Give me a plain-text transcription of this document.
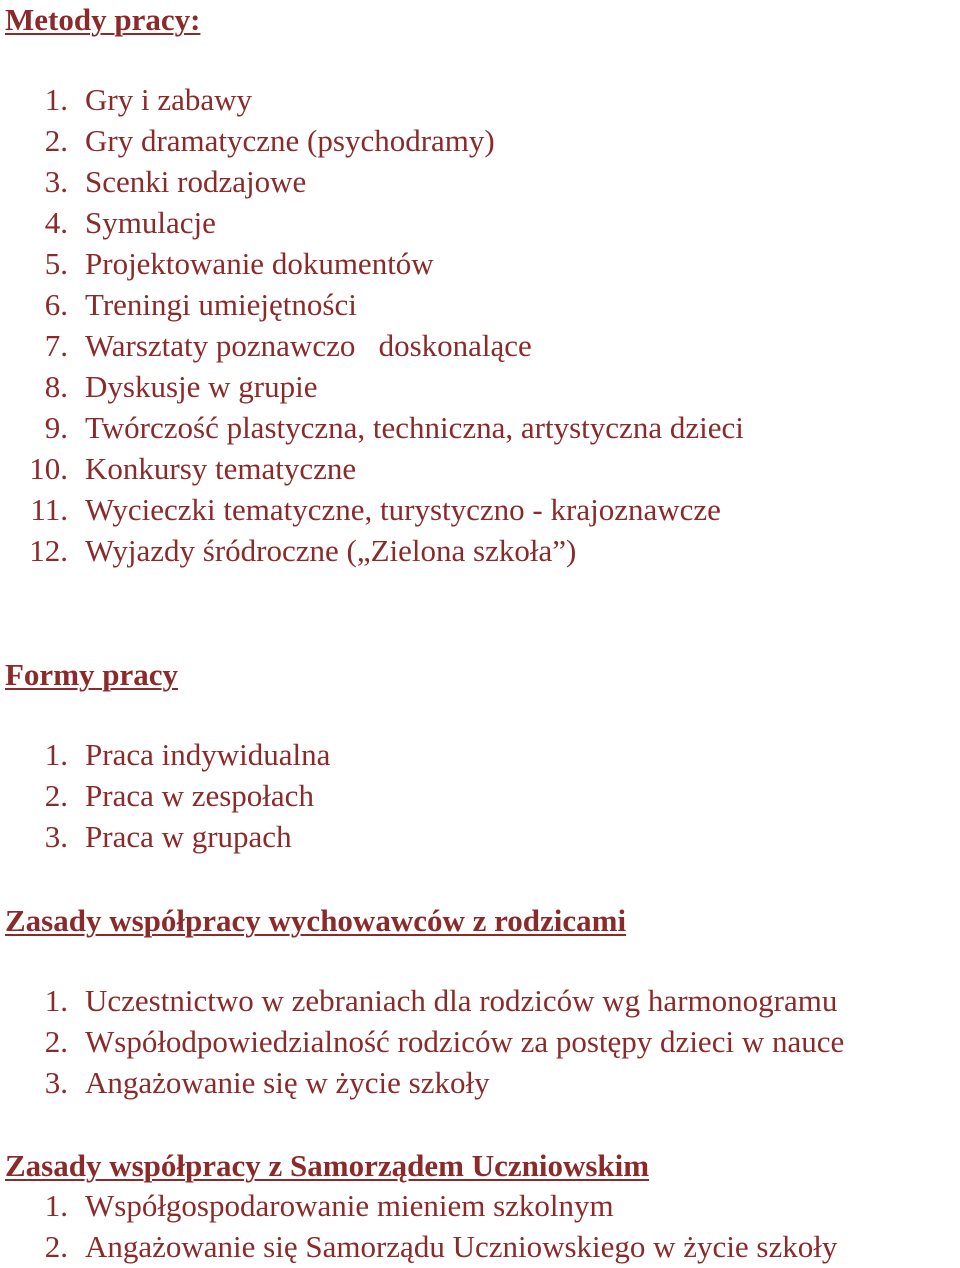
Metody pracy:
1. Gry i zabawy
2. Gry dramatyczne (psychodramy)
3. Scenki rodzajowe
4. Symulacje
5. Projektowanie dokumentów
6. Treningi umiejętności
7. Warsztaty poznawczo   doskonalące
8. Dyskusje w grupie
9. Twórczość plastyczna, techniczna, artystyczna dzieci
10. Konkursy tematyczne
11. Wycieczki tematyczne, turystyczno - krajoznawcze
12. Wyjazdy śródroczne („Zielona szkoła”)
Formy pracy
1. Praca indywidualna
2. Praca w zespołach
3. Praca w grupach
Zasady współpracy wychowawców z rodzicami
1. Uczestnictwo w zebraniach dla rodziców wg harmonogramu
2. Współodpowiedzialność rodziców za postępy dzieci w nauce
3. Angażowanie się w życie szkoły
Zasady współpracy z Samorządem Uczniowskim
1. Współgospodarowanie mieniem szkolnym
2. Angażowanie się Samorządu Uczniowskiego w życie szkoły
